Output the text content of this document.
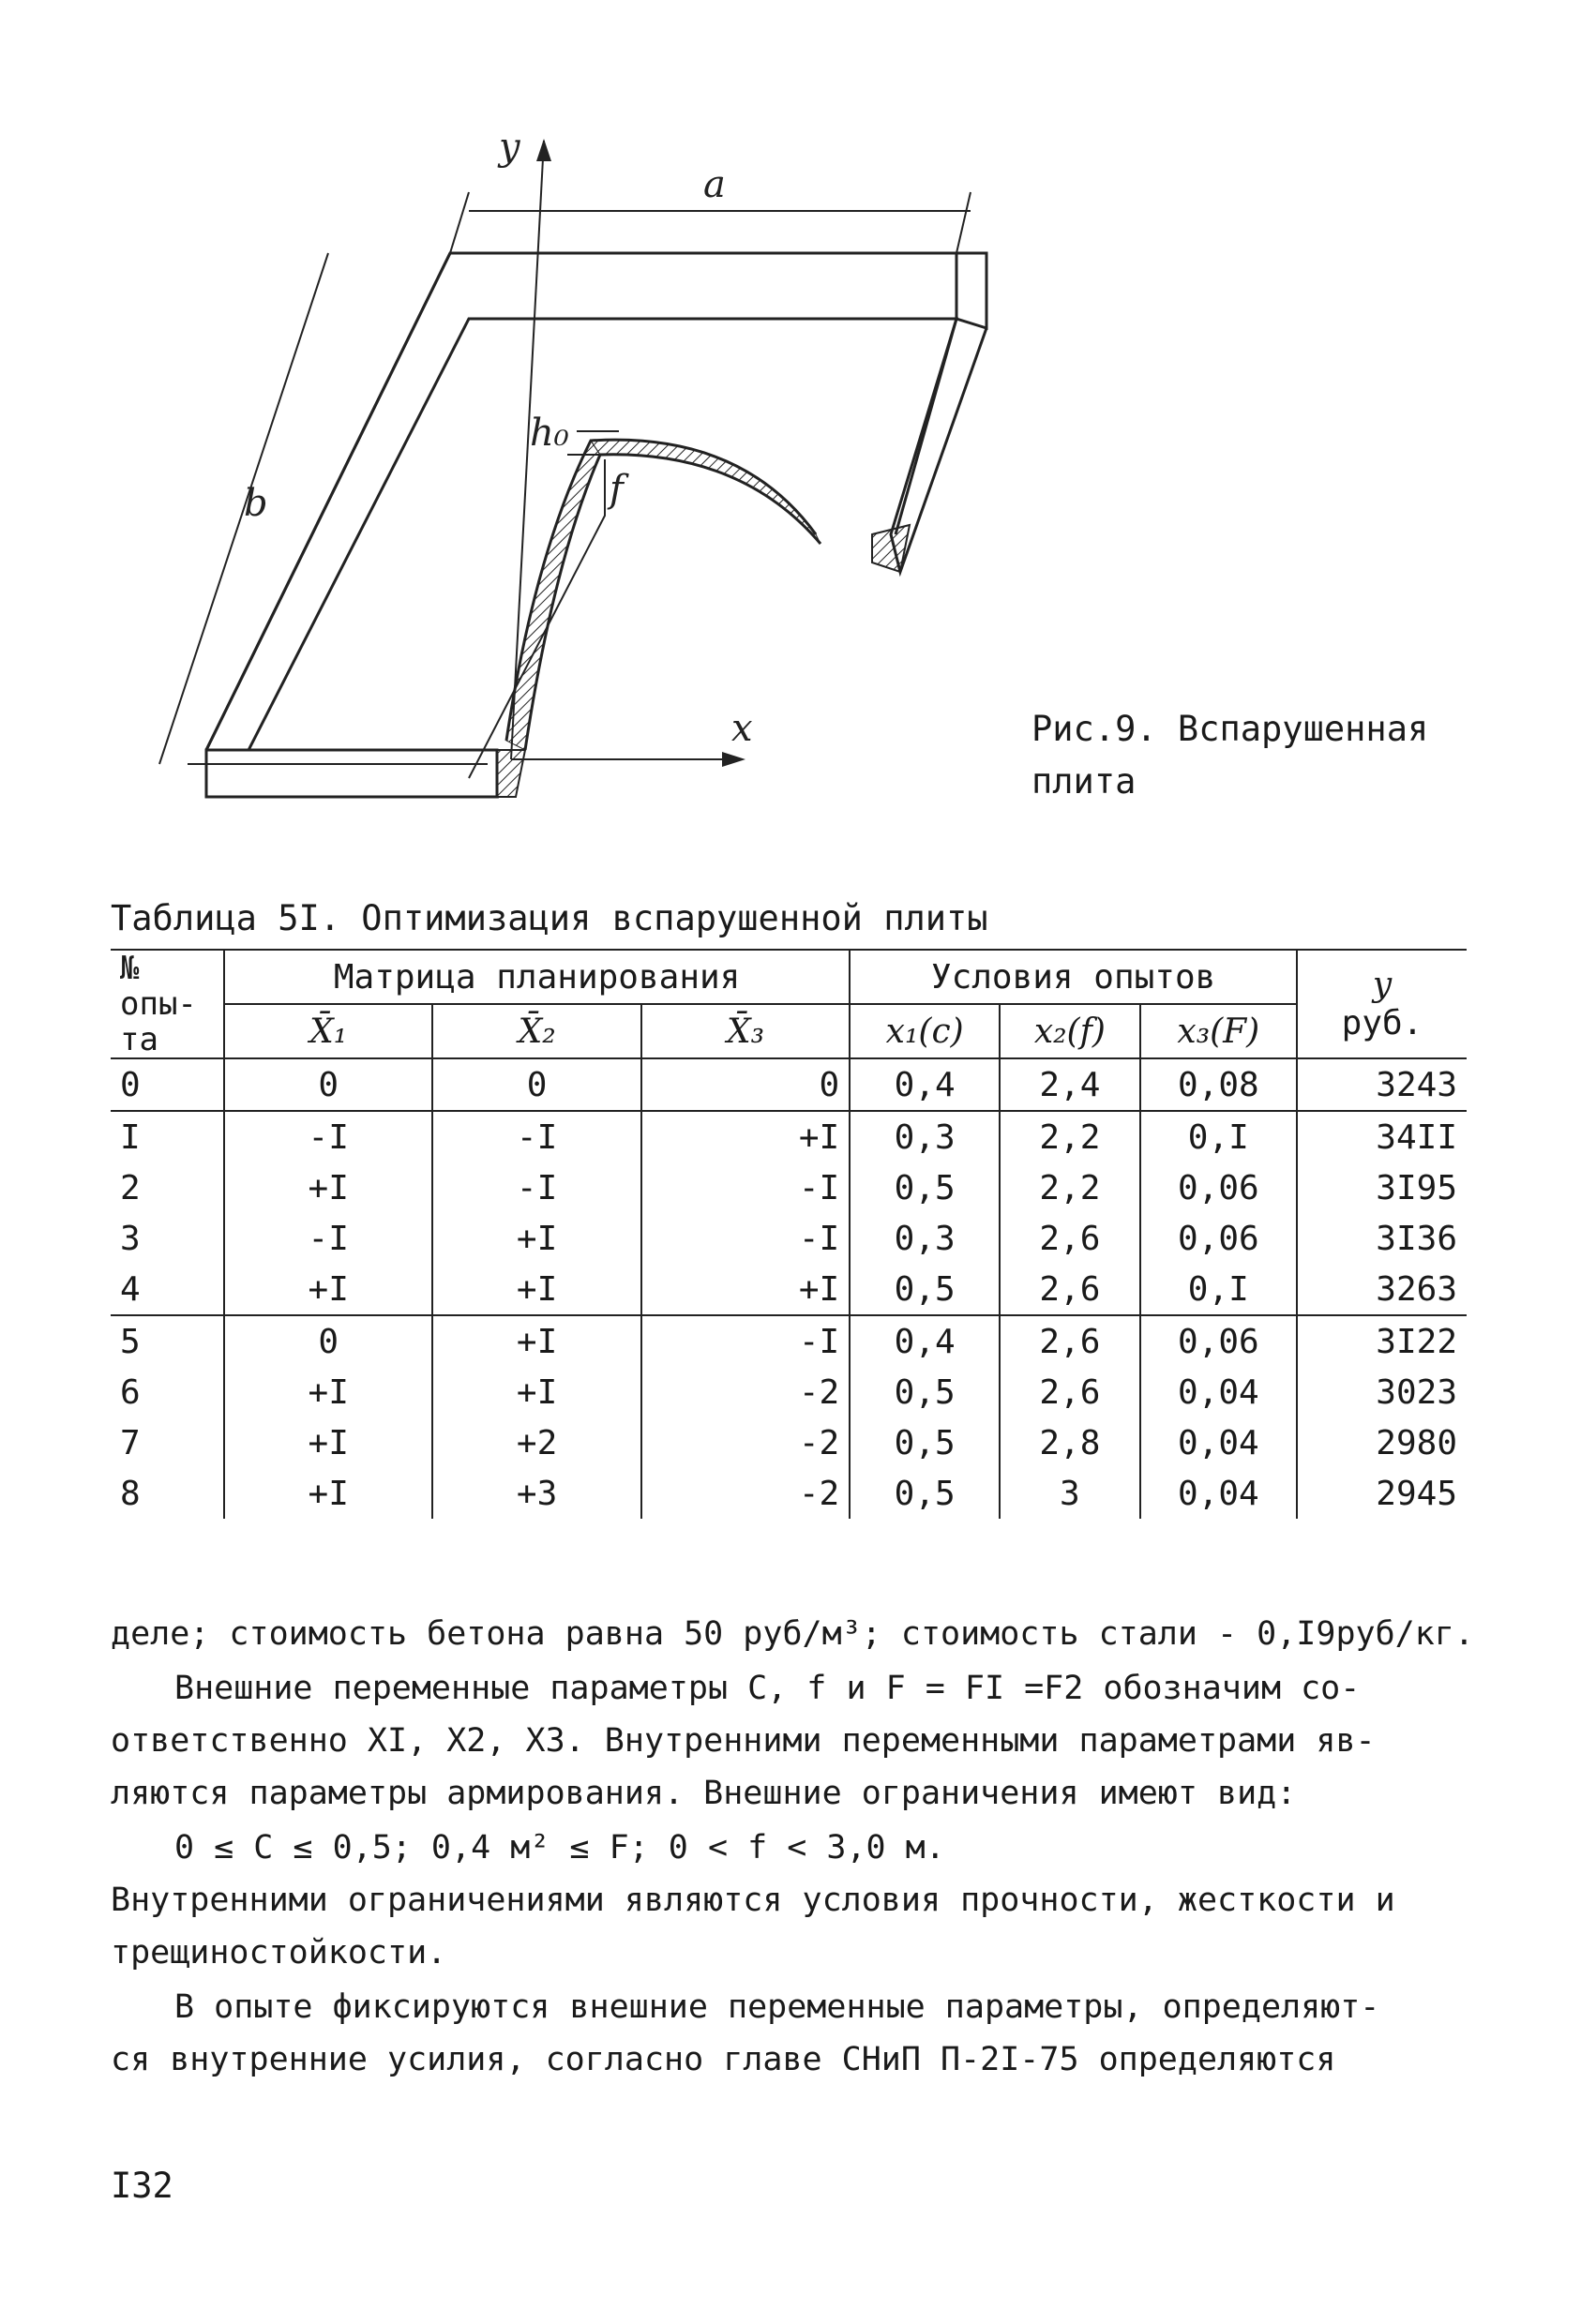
y
a
b
h₀
f
x	Рис.9. Вспарушенная
плита
Таблица 5I. Оптимизация вспарушенной плиты
№ опы- та	Матрица планирования			Условия опытов			y
руб.
	X̄₁	X̄₂	X̄₃	x₁(c)	x₂(f)	x₃(F)	
0	0	0	0	0,4	2,4	0,08	3243
I	-I	-I	+I	0,3	2,2	0,I	34II
2	+I	-I	-I	0,5	2,2	0,06	3I95
3	-I	+I	-I	0,3	2,6	0,06	3I36
4	+I	+I	+I	0,5	2,6	0,I	3263
5	0	+I	-I	0,4	2,6	0,06	3I22
6	+I	+I	-2	0,5	2,6	0,04	3023
7	+I	+2	-2	0,5	2,8	0,04	2980
8	+I	+3	-2	0,5	3	0,04	2945
деле; стоимость бетона равна 50 руб/м³; стоимость стали - 0,I9руб/кг.
Внешние переменные параметры C, f и F = FI =F2 обозначим со-
ответственно XI, X2, X3. Внутренними переменными параметрами яв-
ляются параметры армирования. Внешние ограничения имеют вид:
0 ≤ C ≤ 0,5; 0,4 м² ≤ F; 0 < f < 3,0 м.
Внутренними ограничениями являются условия прочности, жесткости и
трещиностойкости.
В опыте фиксируются внешние переменные параметры, определяют-
ся внутренние усилия, согласно главе СНиП П-2I-75 определяются
I32
